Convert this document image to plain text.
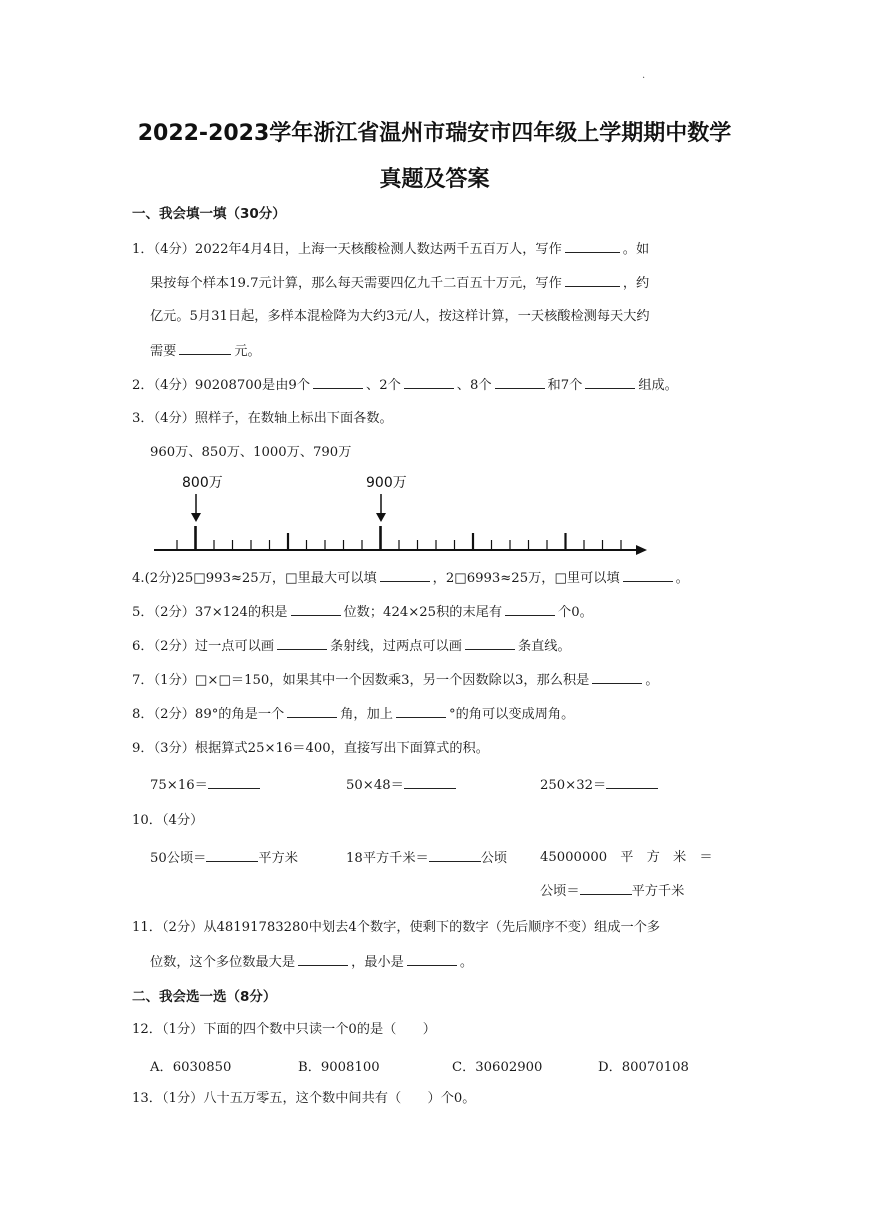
.
2022-2023学年浙江省温州市瑞安市四年级上学期期中数学
真题及答案
一、我会填一填（30分）
1．（4分）2022年4月4日，上海一天核酸检测人数达两千五百万人，写作	。如
果按每个样本19.7元计算，那么每天需要四亿九千二百五十万元，写作	，约
亿元。5月31日起，多样本混检降为大约3元/人，按这样计算，一天核酸检测每天大约
需要	元。
2．（4分）90208700是由9个	、2个	、8个	和7个	组成。
3．（4分）照样子，在数轴上标出下面各数。
960万、850万、1000万、790万
800万	900万
4.(2分)25□993≈25万，□里最大可以填	，2□6993≈25万，□里可以填	。
5．（2分）37×124的积是	位数；424×25积的末尾有	个0。
6．（2分）过一点可以画	条射线，过两点可以画	条直线。
7．（1分）□×□＝150，如果其中一个因数乘3，另一个因数除以3，那么积是	。
8．（2分）89°的角是一个	角，加上	°的角可以变成周角。
9．（3分）根据算式25×16＝400，直接写出下面算式的积。
75×16＝	50×48＝	250×32＝
10．（4分）
50公顷＝	平方米	18平方千米＝	公顷 45000000　平　方　米　＝
公顷＝	平方千米
11．（2分）从48191783280中划去4个数字，使剩下的数字（先后顺序不变）组成一个多
位数，这个多位数最大是	，最小是	。
二、我会选一选（8分）
12．（1分）下面的四个数中只读一个0的是（　　）
A．6030850	B．9008100	C．30602900	D．80070108
13．（1分）八十五万零五，这个数中间共有（　　）个0。
